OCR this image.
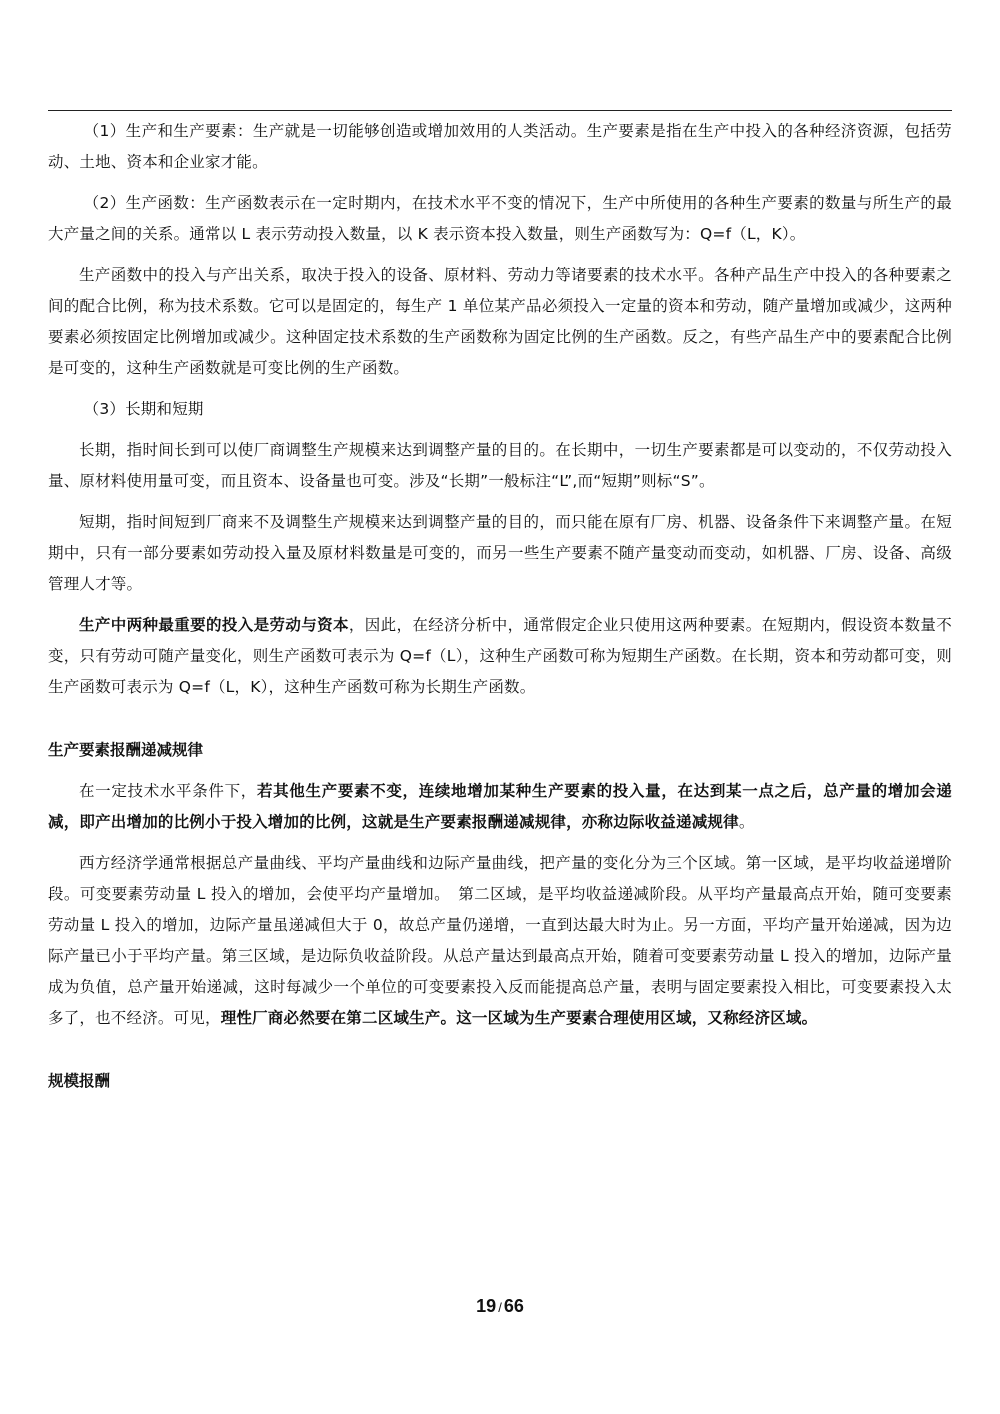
（1）生产和生产要素：生产就是一切能够创造或增加效用的人类活动。生产要素是指在生产中投入的各种经济资源，包括劳动、土地、资本和企业家才能。

（2）生产函数：生产函数表示在一定时期内，在技术水平不变的情况下，生产中所使用的各种生产要素的数量与所生产的最大产量之间的关系。通常以 L 表示劳动投入数量，以 K 表示资本投入数量，则生产函数写为：Q=f（L，K）。

生产函数中的投入与产出关系，取决于投入的设备、原材料、劳动力等诸要素的技术水平。各种产品生产中投入的各种要素之间的配合比例，称为技术系数。它可以是固定的，每生产 1 单位某产品必须投入一定量的资本和劳动，随产量增加或减少，这两种要素必须按固定比例增加或减少。这种固定技术系数的生产函数称为固定比例的生产函数。反之，有些产品生产中的要素配合比例是可变的，这种生产函数就是可变比例的生产函数。

（3）长期和短期

长期，指时间长到可以使厂商调整生产规模来达到调整产量的目的。在长期中，一切生产要素都是可以变动的，不仅劳动投入量、原材料使用量可变，而且资本、设备量也可变。涉及“长期”一般标注“L”,而“短期”则标“S”。

短期，指时间短到厂商来不及调整生产规模来达到调整产量的目的，而只能在原有厂房、机器、设备条件下来调整产量。在短期中，只有一部分要素如劳动投入量及原材料数量是可变的，而另一些生产要素不随产量变动而变动，如机器、厂房、设备、高级管理人才等。

生产中两种最重要的投入是劳动与资本，因此，在经济分析中，通常假定企业只使用这两种要素。在短期内，假设资本数量不变，只有劳动可随产量变化，则生产函数可表示为 Q=f（L），这种生产函数可称为短期生产函数。在长期，资本和劳动都可变，则生产函数可表示为 Q=f（L，K），这种生产函数可称为长期生产函数。

生产要素报酬递减规律

在一定技术水平条件下，若其他生产要素不变，连续地增加某种生产要素的投入量，在达到某一点之后，总产量的增加会递减，即产出增加的比例小于投入增加的比例，这就是生产要素报酬递减规律，亦称边际收益递减规律。

西方经济学通常根据总产量曲线、平均产量曲线和边际产量曲线，把产量的变化分为三个区域。第一区域，是平均收益递增阶段。可变要素劳动量 L 投入的增加，会使平均产量增加。　第二区域，是平均收益递减阶段。从平均产量最高点开始，随可变要素劳动量 L 投入的增加，边际产量虽递减但大于 0，故总产量仍递增，一直到达最大时为止。另一方面，平均产量开始递减，因为边际产量已小于平均产量。第三区域，是边际负收益阶段。从总产量达到最高点开始，随着可变要素劳动量 L 投入的增加，边际产量成为负值，总产量开始递减，这时每减少一个单位的可变要素投入反而能提高总产量，表明与固定要素投入相比，可变要素投入太多了，也不经济。可见，理性厂商必然要在第二区域生产。这一区域为生产要素合理使用区域，又称经济区域。

规模报酬
19 / 66
